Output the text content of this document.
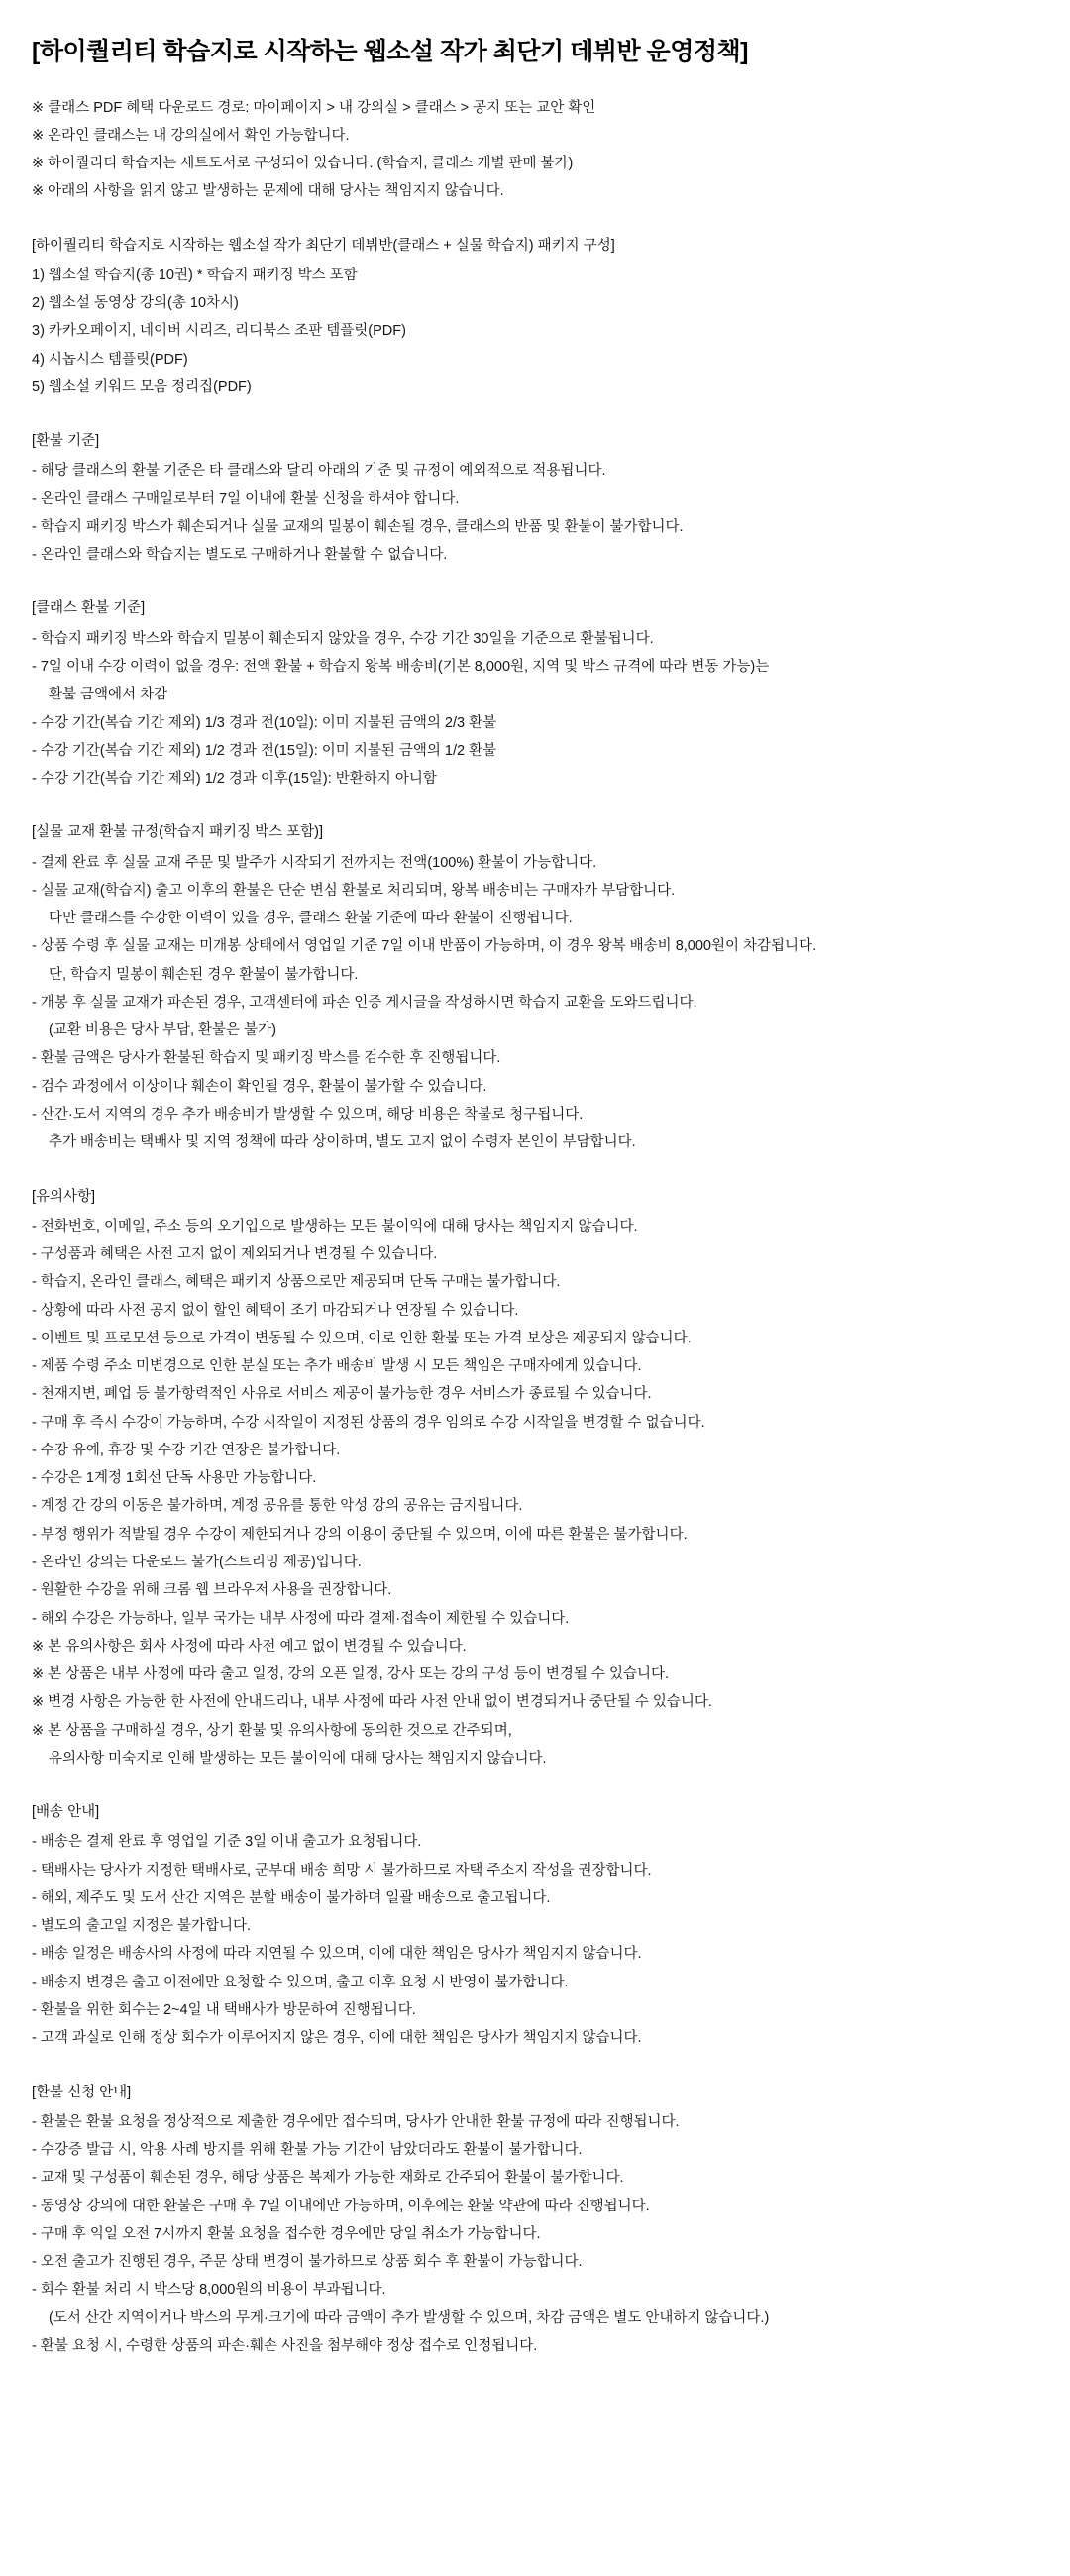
[하이퀄리티 학습지로 시작하는 웹소설 작가 최단기 데뷔반 운영정책]
※ 클래스 PDF 혜택 다운로드 경로: 마이페이지 > 내 강의실 > 클래스 > 공지 또는 교안 확인
※ 온라인 클래스는 내 강의실에서 확인 가능합니다.
※ 하이퀄리티 학습지는 세트도서로 구성되어 있습니다. (학습지, 클래스 개별 판매 불가)
※ 아래의 사항을 읽지 않고 발생하는 문제에 대해 당사는 책임지지 않습니다.
[하이퀄리티 학습지로 시작하는 웹소설 작가 최단기 데뷔반(클래스 + 실물 학습지) 패키지 구성]
1) 웹소설 학습지(총 10권) * 학습지 패키징 박스 포함
2) 웹소설 동영상 강의(총 10차시)
3) 카카오페이지, 네이버 시리즈, 리디북스 조판 템플릿(PDF)
4) 시놉시스 템플릿(PDF)
5) 웹소설 키워드 모음 정리집(PDF)
[환불 기준]
- 해당 클래스의 환불 기준은 타 클래스와 달리 아래의 기준 및 규정이 예외적으로 적용됩니다.
- 온라인 클래스 구매일로부터 7일 이내에 환불 신청을 하셔야 합니다.
- 학습지 패키징 박스가 훼손되거나 실물 교재의 밀봉이 훼손될 경우, 클래스의 반품 및 환불이 불가합니다.
- 온라인 클래스와 학습지는 별도로 구매하거나 환불할 수 없습니다.
[클래스 환불 기준]
- 학습지 패키징 박스와 학습지 밀봉이 훼손되지 않았을 경우, 수강 기간 30일을 기준으로 환불됩니다.
- 7일 이내 수강 이력이 없을 경우: 전액 환불 + 학습지 왕복 배송비(기본 8,000원, 지역 및 박스 규격에 따라 변동 가능)는
환불 금액에서 차감
- 수강 기간(복습 기간 제외) 1/3 경과 전(10일): 이미 지불된 금액의 2/3 환불
- 수강 기간(복습 기간 제외) 1/2 경과 전(15일): 이미 지불된 금액의 1/2 환불
- 수강 기간(복습 기간 제외) 1/2 경과 이후(15일): 반환하지 아니함
[실물 교재 환불 규정(학습지 패키징 박스 포함)]
- 결제 완료 후 실물 교재 주문 및 발주가 시작되기 전까지는 전액(100%) 환불이 가능합니다.
- 실물 교재(학습지) 출고 이후의 환불은 단순 변심 환불로 처리되며, 왕복 배송비는 구매자가 부담합니다.
다만 클래스를 수강한 이력이 있을 경우, 클래스 환불 기준에 따라 환불이 진행됩니다.
- 상품 수령 후 실물 교재는 미개봉 상태에서 영업일 기준 7일 이내 반품이 가능하며, 이 경우 왕복 배송비 8,000원이 차감됩니다.
단, 학습지 밀봉이 훼손된 경우 환불이 불가합니다.
- 개봉 후 실물 교재가 파손된 경우, 고객센터에 파손 인증 게시글을 작성하시면 학습지 교환을 도와드립니다.
(교환 비용은 당사 부담, 환불은 불가)
- 환불 금액은 당사가 환불된 학습지 및 패키징 박스를 검수한 후 진행됩니다.
- 검수 과정에서 이상이나 훼손이 확인될 경우, 환불이 불가할 수 있습니다.
- 산간·도서 지역의 경우 추가 배송비가 발생할 수 있으며, 해당 비용은 착불로 청구됩니다.
추가 배송비는 택배사 및 지역 정책에 따라 상이하며, 별도 고지 없이 수령자 본인이 부담합니다.
[유의사항]
- 전화번호, 이메일, 주소 등의 오기입으로 발생하는 모든 불이익에 대해 당사는 책임지지 않습니다.
- 구성품과 혜택은 사전 고지 없이 제외되거나 변경될 수 있습니다.
- 학습지, 온라인 클래스, 혜택은 패키지 상품으로만 제공되며 단독 구매는 불가합니다.
- 상황에 따라 사전 공지 없이 할인 혜택이 조기 마감되거나 연장될 수 있습니다.
- 이벤트 및 프로모션 등으로 가격이 변동될 수 있으며, 이로 인한 환불 또는 가격 보상은 제공되지 않습니다.
- 제품 수령 주소 미변경으로 인한 분실 또는 추가 배송비 발생 시 모든 책임은 구매자에게 있습니다.
- 천재지변, 폐업 등 불가항력적인 사유로 서비스 제공이 불가능한 경우 서비스가 종료될 수 있습니다.
- 구매 후 즉시 수강이 가능하며, 수강 시작일이 지정된 상품의 경우 임의로 수강 시작일을 변경할 수 없습니다.
- 수강 유예, 휴강 및 수강 기간 연장은 불가합니다.
- 수강은 1계정 1회선 단독 사용만 가능합니다.
- 계정 간 강의 이동은 불가하며, 계정 공유를 통한 악성 강의 공유는 금지됩니다.
- 부정 행위가 적발될 경우 수강이 제한되거나 강의 이용이 중단될 수 있으며, 이에 따른 환불은 불가합니다.
- 온라인 강의는 다운로드 불가(스트리밍 제공)입니다.
- 원활한 수강을 위해 크롬 웹 브라우저 사용을 권장합니다.
- 해외 수강은 가능하나, 일부 국가는 내부 사정에 따라 결제·접속이 제한될 수 있습니다.
※ 본 유의사항은 회사 사정에 따라 사전 예고 없이 변경될 수 있습니다.
※ 본 상품은 내부 사정에 따라 출고 일정, 강의 오픈 일정, 강사 또는 강의 구성 등이 변경될 수 있습니다.
※ 변경 사항은 가능한 한 사전에 안내드리나, 내부 사정에 따라 사전 안내 없이 변경되거나 중단될 수 있습니다.
※ 본 상품을 구매하실 경우, 상기 환불 및 유의사항에 동의한 것으로 간주되며,
유의사항 미숙지로 인해 발생하는 모든 불이익에 대해 당사는 책임지지 않습니다.
[배송 안내]
- 배송은 결제 완료 후 영업일 기준 3일 이내 출고가 요청됩니다.
- 택배사는 당사가 지정한 택배사로, 군부대 배송 희망 시 불가하므로 자택 주소지 작성을 권장합니다.
- 해외, 제주도 및 도서 산간 지역은 분할 배송이 불가하며 일괄 배송으로 출고됩니다.
- 별도의 출고일 지정은 불가합니다.
- 배송 일정은 배송사의 사정에 따라 지연될 수 있으며, 이에 대한 책임은 당사가 책임지지 않습니다.
- 배송지 변경은 출고 이전에만 요청할 수 있으며, 출고 이후 요청 시 반영이 불가합니다.
- 환불을 위한 회수는 2~4일 내 택배사가 방문하여 진행됩니다.
- 고객 과실로 인해 정상 회수가 이루어지지 않은 경우, 이에 대한 책임은 당사가 책임지지 않습니다.
[환불 신청 안내]
- 환불은 환불 요청을 정상적으로 제출한 경우에만 접수되며, 당사가 안내한 환불 규정에 따라 진행됩니다.
- 수강증 발급 시, 악용 사례 방지를 위해 환불 가능 기간이 남았더라도 환불이 불가합니다.
- 교재 및 구성품이 훼손된 경우, 해당 상품은 복제가 가능한 재화로 간주되어 환불이 불가합니다.
- 동영상 강의에 대한 환불은 구매 후 7일 이내에만 가능하며, 이후에는 환불 약관에 따라 진행됩니다.
- 구매 후 익일 오전 7시까지 환불 요청을 접수한 경우에만 당일 취소가 가능합니다.
- 오전 출고가 진행된 경우, 주문 상태 변경이 불가하므로 상품 회수 후 환불이 가능합니다.
- 회수 환불 처리 시 박스당 8,000원의 비용이 부과됩니다.
(도서 산간 지역이거나 박스의 무게·크기에 따라 금액이 추가 발생할 수 있으며, 차감 금액은 별도 안내하지 않습니다.)
- 환불 요청 시, 수령한 상품의 파손·훼손 사진을 첨부해야 정상 접수로 인정됩니다.
